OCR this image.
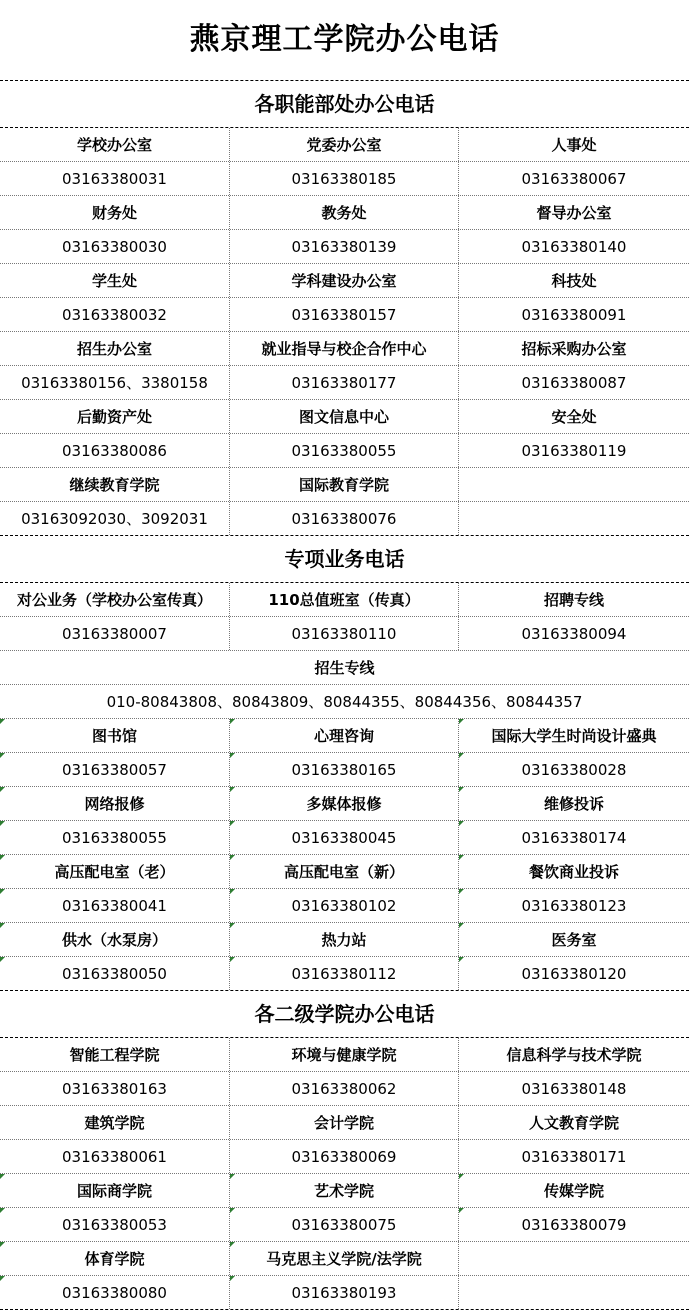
燕京理工学院办公电话
各职能部处办公电话
学校办公室	党委办公室	人事处
03163380031	03163380185	03163380067
财务处	教务处	督导办公室
03163380030	03163380139	03163380140
学生处	学科建设办公室	科技处
03163380032	03163380157	03163380091
招生办公室	就业指导与校企合作中心	招标采购办公室
03163380156、3380158	03163380177	03163380087
后勤资产处	图文信息中心	安全处
03163380086	03163380055	03163380119
继续教育学院	国际教育学院
03163092030、3092031	03163380076
专项业务电话
对公业务（学校办公室传真）	110总值班室（传真）	招聘专线
03163380007	03163380110	03163380094
招生专线
010-80843808、80843809、80844355、80844356、80844357
图书馆	心理咨询	国际大学生时尚设计盛典
03163380057	03163380165	03163380028
网络报修	多媒体报修	维修投诉
03163380055	03163380045	03163380174
高压配电室（老）	高压配电室（新）	餐饮商业投诉
03163380041	03163380102	03163380123
供水（水泵房）	热力站	医务室
03163380050	03163380112	03163380120
各二级学院办公电话
智能工程学院	环境与健康学院	信息科学与技术学院
03163380163	03163380062	03163380148
建筑学院	会计学院	人文教育学院
03163380061	03163380069	03163380171
国际商学院	艺术学院	传媒学院
03163380053	03163380075	03163380079
体育学院	马克思主义学院/法学院
03163380080	03163380193
